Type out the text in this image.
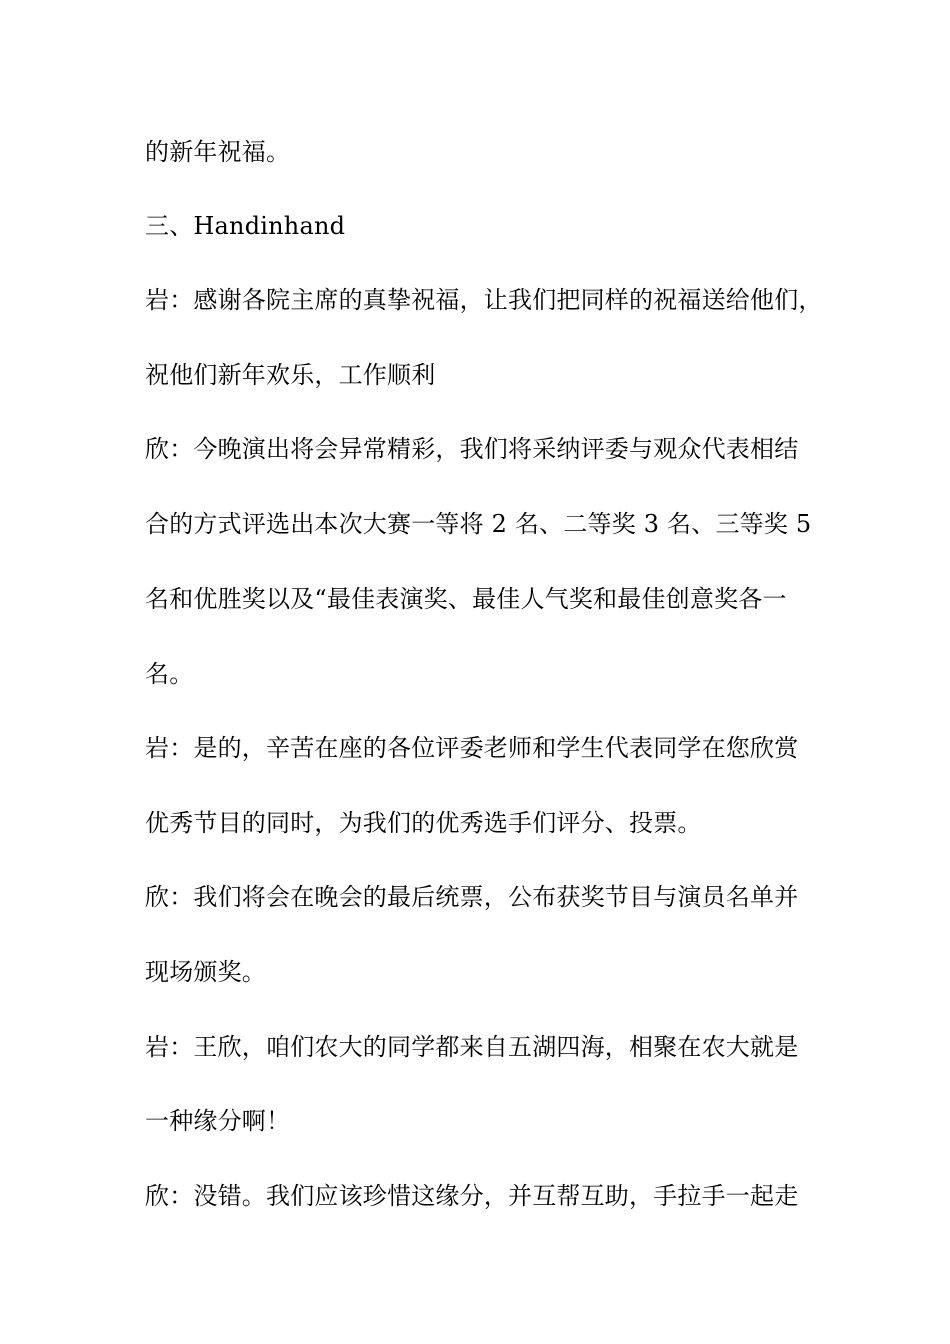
的新年祝福。
三、Handinhand
岩：感谢各院主席的真挚祝福，让我们把同样的祝福送给他们，
祝他们新年欢乐，工作顺利
欣：今晚演出将会异常精彩，我们将采纳评委与观众代表相结
合的方式评选出本次大赛一等将 2 名、二等奖 3 名、三等奖 5
名和优胜奖以及“最佳表演奖、最佳人气奖和最佳创意奖各一
名。
岩：是的，辛苦在座的各位评委老师和学生代表同学在您欣赏
优秀节目的同时，为我们的优秀选手们评分、投票。
欣：我们将会在晚会的最后统票，公布获奖节目与演员名单并
现场颁奖。
岩：王欣，咱们农大的同学都来自五湖四海，相聚在农大就是
一种缘分啊！
欣：没错。我们应该珍惜这缘分，并互帮互助，手拉手一起走
